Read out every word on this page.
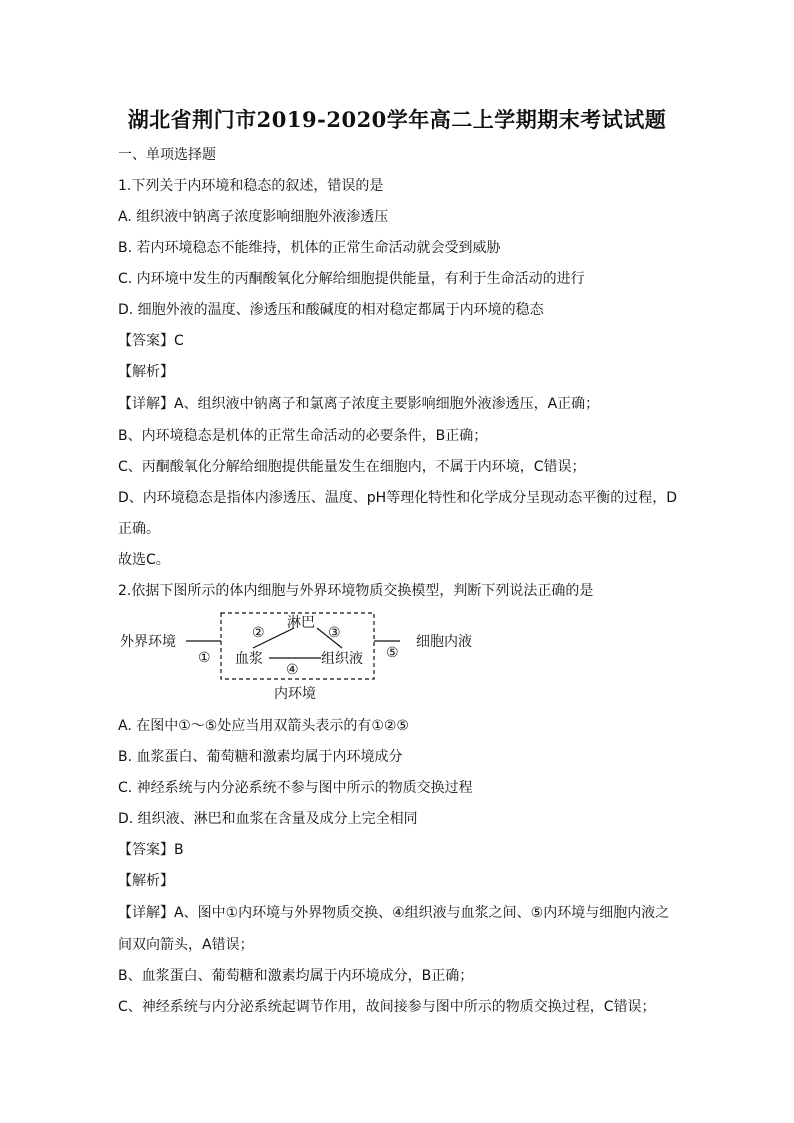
湖北省荆门市2019-2020学年高二上学期期末考试试题
一、单项选择题
1.下列关于内环境和稳态的叙述，错误的是
A. 组织液中钠离子浓度影响细胞外液渗透压
B. 若内环境稳态不能维持，机体的正常生命活动就会受到威胁
C. 内环境中发生的丙酮酸氧化分解给细胞提供能量，有利于生命活动的进行
D. 细胞外液的温度、渗透压和酸碱度的相对稳定都属于内环境的稳态
【答案】C
【解析】
【详解】A、组织液中钠离子和氯离子浓度主要影响细胞外液渗透压，A正确；
B、内环境稳态是机体的正常生命活动的必要条件，B正确；
C、丙酮酸氧化分解给细胞提供能量发生在细胞内，不属于内环境，C错误；
D、内环境稳态是指体内渗透压、温度、pH等理化特性和化学成分呈现动态平衡的过程，D
正确。
故选C。
2.依据下图所示的体内细胞与外界环境物质交换模型，判断下列说法正确的是
外界环境
淋巴
血浆	组织液
细胞内液
内环境
①
②	③
④
⑤
A. 在图中①～⑤处应当用双箭头表示的有①②⑤
B. 血浆蛋白、葡萄糖和激素均属于内环境成分
C. 神经系统与内分泌系统不参与图中所示的物质交换过程
D. 组织液、淋巴和血浆在含量及成分上完全相同
【答案】B
【解析】
【详解】A、图中①内环境与外界物质交换、④组织液与血浆之间、⑤内环境与细胞内液之
间双向箭头，A错误；
B、血浆蛋白、葡萄糖和激素均属于内环境成分，B正确；
C、神经系统与内分泌系统起调节作用，故间接参与图中所示的物质交换过程，C错误；
